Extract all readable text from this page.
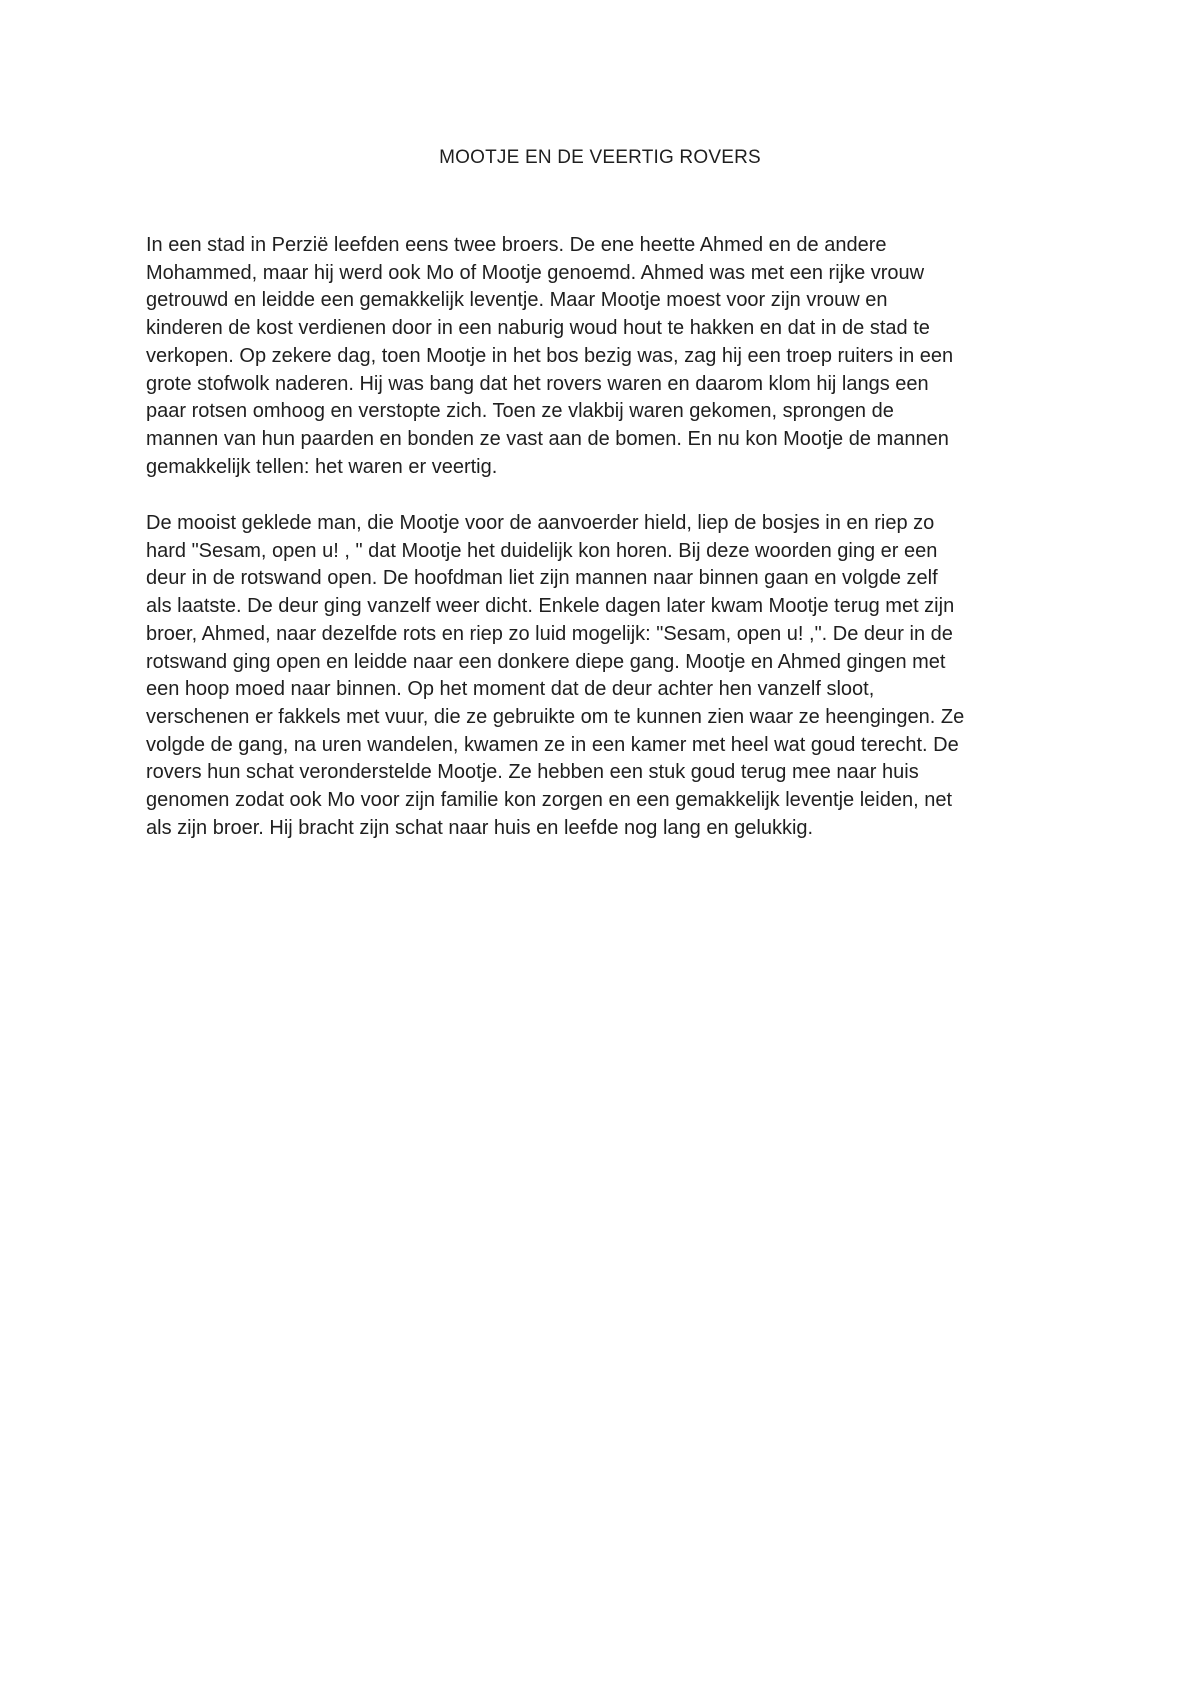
MOOTJE EN DE VEERTIG ROVERS

In een stad in Perzië leefden eens twee broers. De ene heette Ahmed en de andere
Mohammed, maar hij werd ook Mo of Mootje genoemd. Ahmed was met een rijke vrouw
getrouwd en leidde een gemakkelijk leventje. Maar Mootje moest voor zijn vrouw en
kinderen de kost verdienen door in een naburig woud hout te hakken en dat in de stad te
verkopen. Op zekere dag, toen Mootje in het bos bezig was, zag hij een troep ruiters in een
grote stofwolk naderen. Hij was bang dat het rovers waren en daarom klom hij langs een
paar rotsen omhoog en verstopte zich. Toen ze vlakbij waren gekomen, sprongen de
mannen van hun paarden en bonden ze vast aan de bomen. En nu kon Mootje de mannen
gemakkelijk tellen: het waren er veertig.

De mooist geklede man, die Mootje voor de aanvoerder hield, liep de bosjes in en riep zo
hard "Sesam, open u! , " dat Mootje het duidelijk kon horen. Bij deze woorden ging er een
deur in de rotswand open. De hoofdman liet zijn mannen naar binnen gaan en volgde zelf
als laatste. De deur ging vanzelf weer dicht. Enkele dagen later kwam Mootje terug met zijn
broer, Ahmed, naar dezelfde rots en riep zo luid mogelijk: "Sesam, open u! ,". De deur in de
rotswand ging open en leidde naar een donkere diepe gang. Mootje en Ahmed gingen met
een hoop moed naar binnen. Op het moment dat de deur achter hen vanzelf sloot,
verschenen er fakkels met vuur, die ze gebruikte om te kunnen zien waar ze heengingen. Ze
volgde de gang, na uren wandelen, kwamen ze in een kamer met heel wat goud terecht. De
rovers hun schat veronderstelde Mootje. Ze hebben een stuk goud terug mee naar huis
genomen zodat ook Mo voor zijn familie kon zorgen en een gemakkelijk leventje leiden, net
als zijn broer. Hij bracht zijn schat naar huis en leefde nog lang en gelukkig.
